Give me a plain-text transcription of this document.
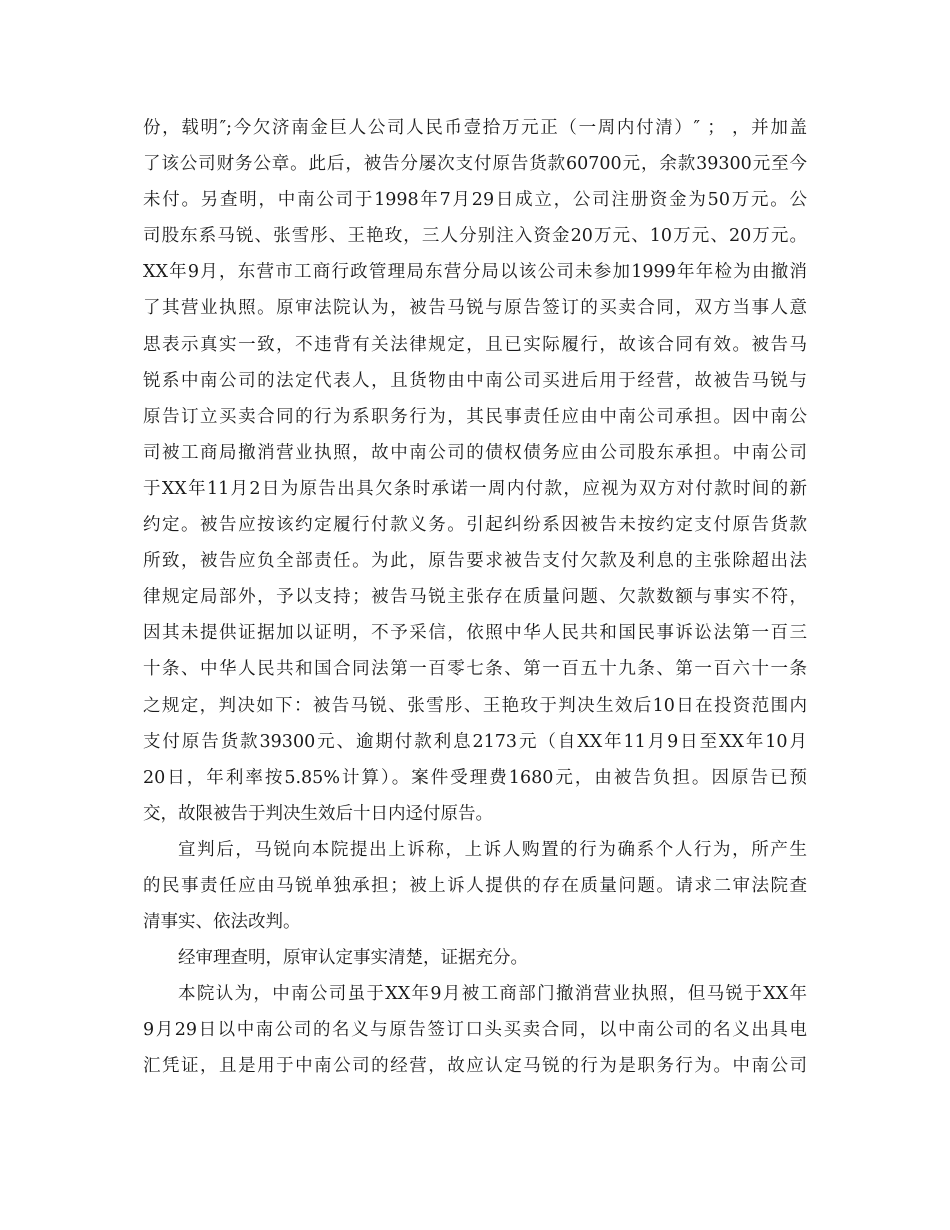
份，载明″;今欠济南金巨人公司人民币壹拾万元正（一周内付清）″ ； ，并加盖
了该公司财务公章。此后，被告分屡次支付原告货款60700元，余款39300元至今
未付。另查明，中南公司于1998年7月29日成立，公司注册资金为50万元。公
司股东系马锐、张雪彤、王艳玫，三人分别注入资金20万元、10万元、20万元。
XX年9月，东营市工商行政管理局东营分局以该公司未参加1999年年检为由撤消
了其营业执照。原审法院认为，被告马锐与原告签订的买卖合同，双方当事人意
思表示真实一致，不违背有关法律规定，且已实际履行，故该合同有效。被告马
锐系中南公司的法定代表人，且货物由中南公司买进后用于经营，故被告马锐与
原告订立买卖合同的行为系职务行为，其民事责任应由中南公司承担。因中南公
司被工商局撤消营业执照，故中南公司的债权债务应由公司股东承担。中南公司
于XX年11月2日为原告出具欠条时承诺一周内付款，应视为双方对付款时间的新
约定。被告应按该约定履行付款义务。引起纠纷系因被告未按约定支付原告货款
所致，被告应负全部责任。为此，原告要求被告支付欠款及利息的主张除超出法
律规定局部外，予以支持；被告马锐主张存在质量问题、欠款数额与事实不符，
因其未提供证据加以证明，不予采信，依照中华人民共和国民事诉讼法第一百三
十条、中华人民共和国合同法第一百零七条、第一百五十九条、第一百六十一条
之规定，判决如下：被告马锐、张雪彤、王艳玫于判决生效后10日在投资范围内
支付原告货款39300元、逾期付款利息2173元（自XX年11月9日至XX年10月
20日，年利率按5.85%计算）。案件受理费1680元，由被告负担。因原告已预
交，故限被告于判决生效后十日内迳付原告。
宣判后，马锐向本院提出上诉称，上诉人购置的行为确系个人行为，所产生
的民事责任应由马锐单独承担；被上诉人提供的存在质量问题。请求二审法院查
清事实、依法改判。
经审理查明，原审认定事实清楚，证据充分。
本院认为，中南公司虽于XX年9月被工商部门撤消营业执照，但马锐于XX年
9月29日以中南公司的名义与原告签订口头买卖合同，以中南公司的名义出具电
汇凭证，且是用于中南公司的经营，故应认定马锐的行为是职务行为。中南公司
